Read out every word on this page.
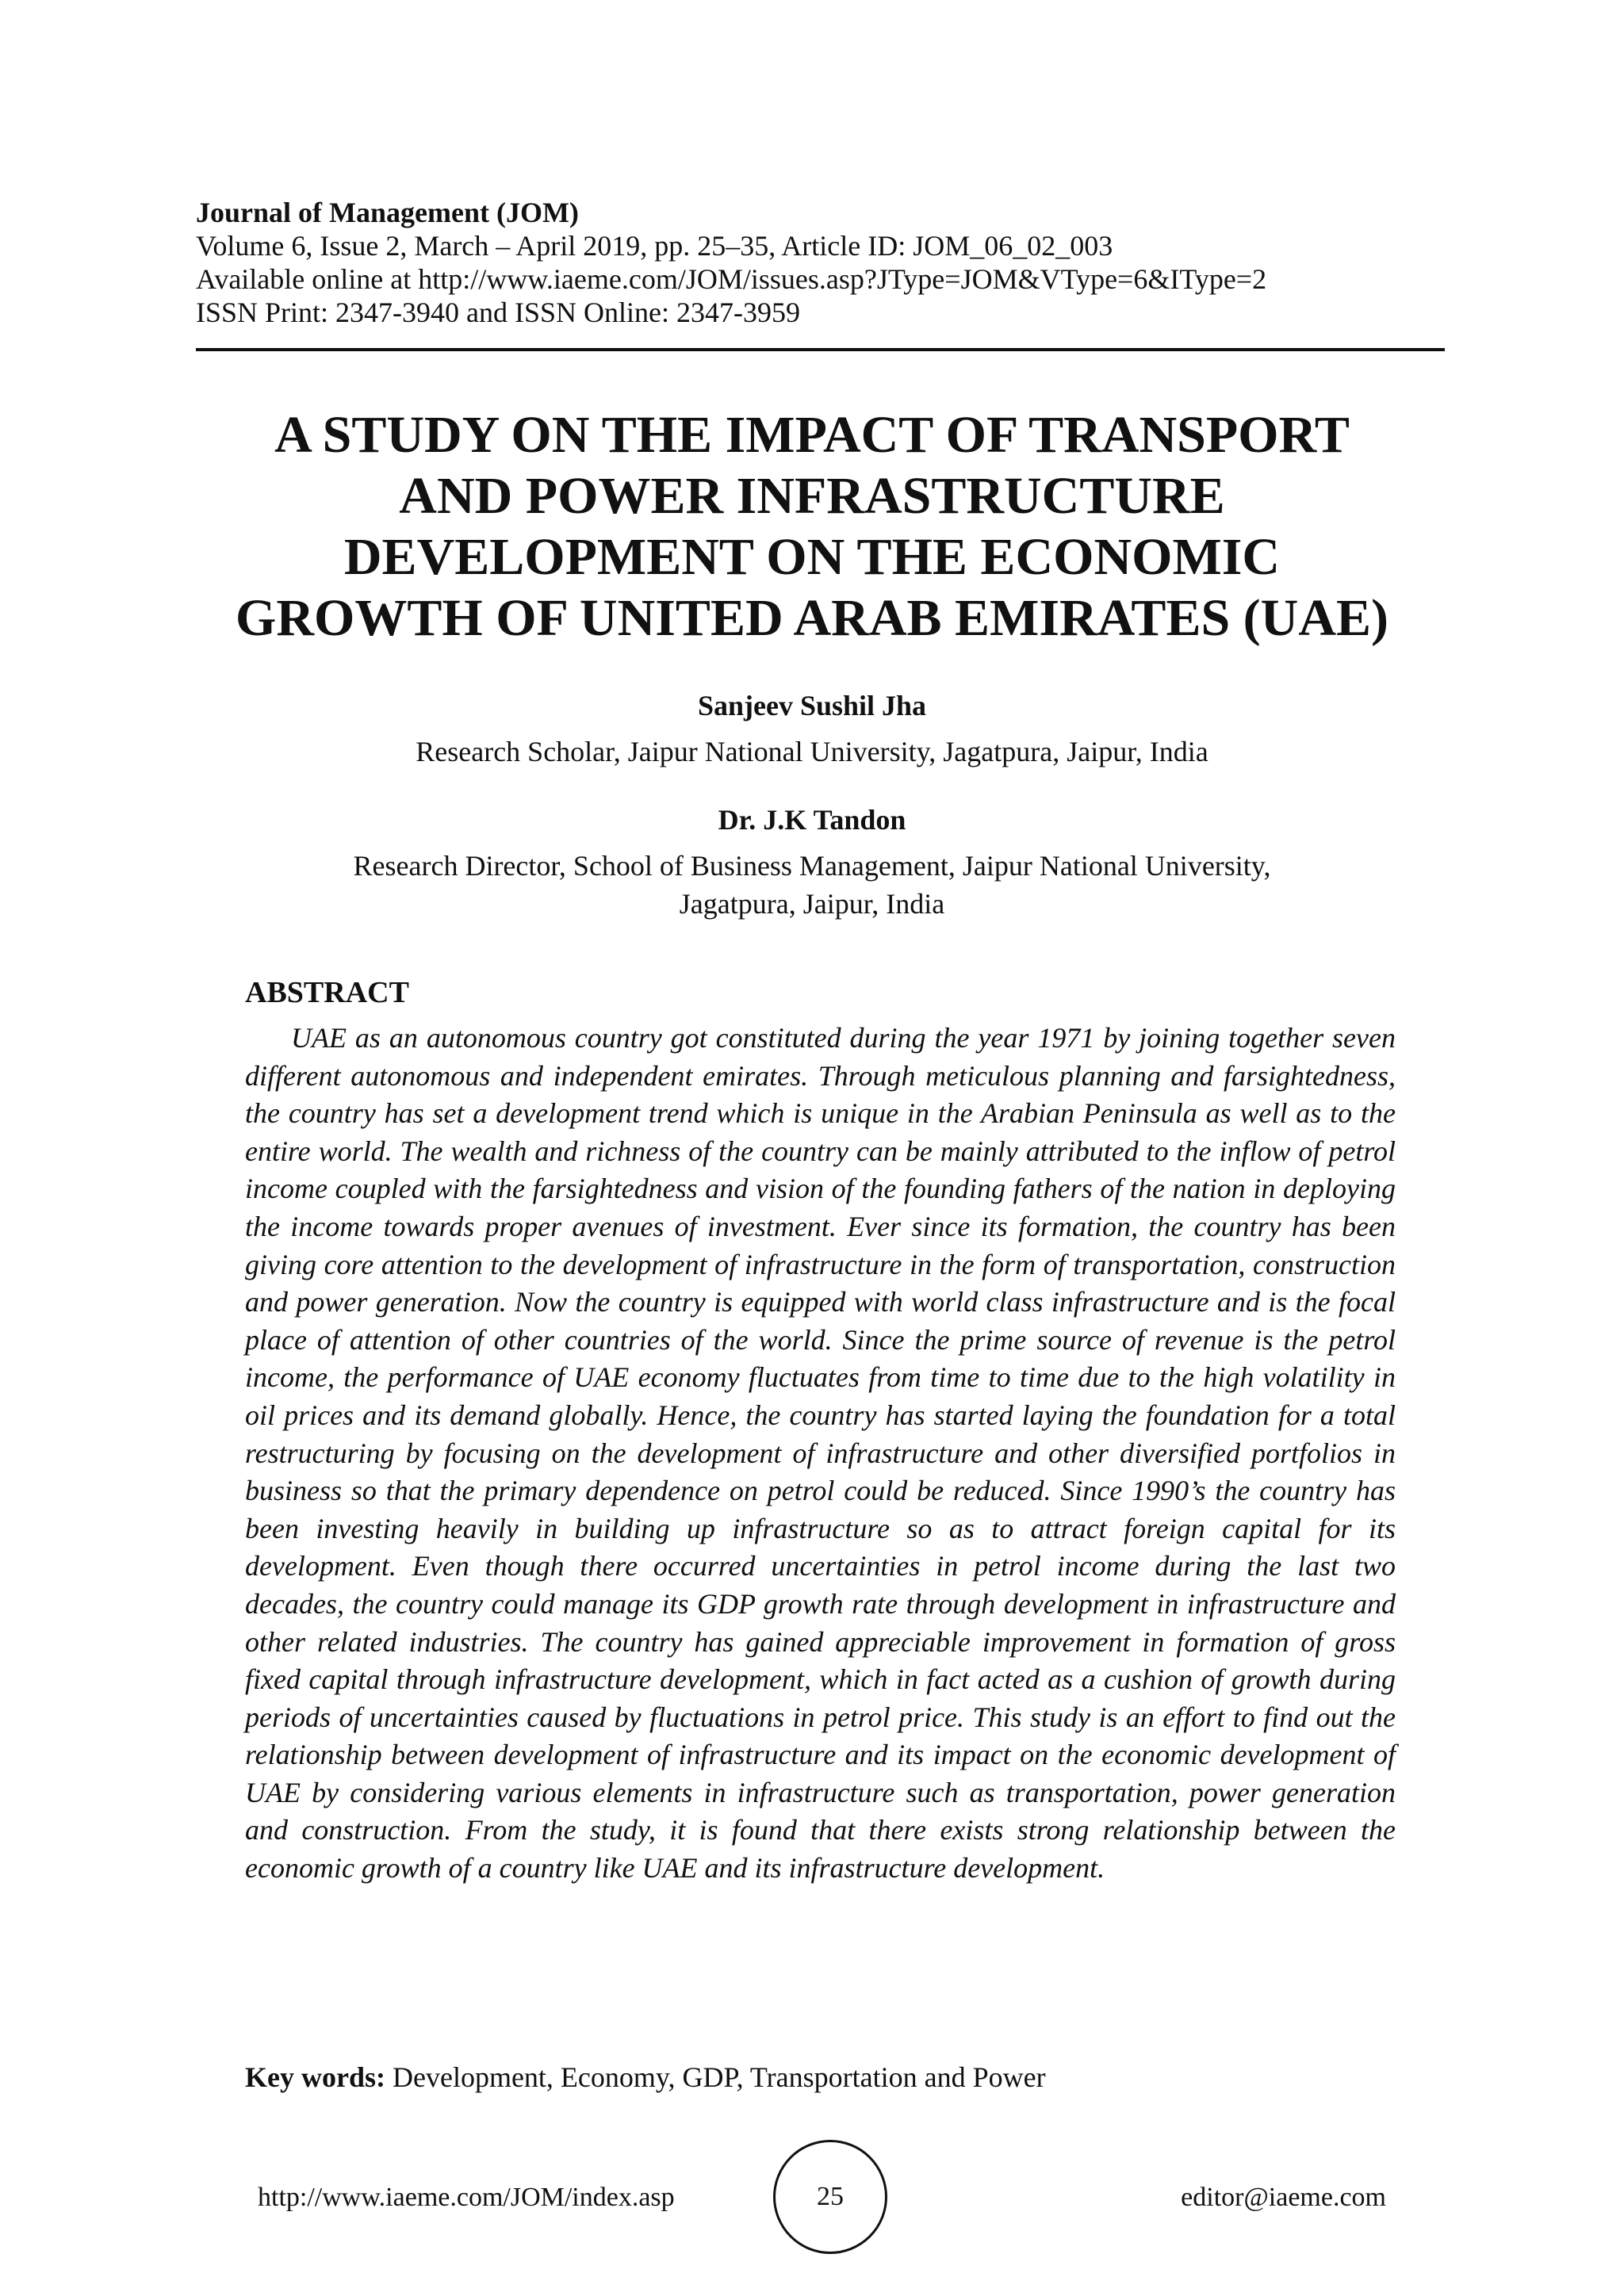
Journal of Management (JOM)
Volume 6, Issue 2, March – April 2019, pp. 25–35, Article ID: JOM_06_02_003
Available online at http://www.iaeme.com/JOM/issues.asp?JType=JOM&VType=6&IType=2
ISSN Print: 2347-3940 and ISSN Online: 2347-3959
A STUDY ON THE IMPACT OF TRANSPORT
AND POWER INFRASTRUCTURE
DEVELOPMENT ON THE ECONOMIC
GROWTH OF UNITED ARAB EMIRATES (UAE)
Sanjeev Sushil Jha
Research Scholar, Jaipur National University, Jagatpura, Jaipur, India
Dr. J.K Tandon
Research Director, School of Business Management, Jaipur National University,
Jagatpura, Jaipur, India
ABSTRACT
UAE as an autonomous country got constituted during the year 1971 by joining together seven different autonomous and independent emirates. Through meticulous planning and farsightedness, the country has set a development trend which is unique in the Arabian Peninsula as well as to the entire world. The wealth and richness of the country can be mainly attributed to the inflow of petrol income coupled with the farsightedness and vision of the founding fathers of the nation in deploying the income towards proper avenues of investment. Ever since its formation, the country has been giving core attention to the development of infrastructure in the form of transportation, construction and power generation. Now the country is equipped with world class infrastructure and is the focal place of attention of other countries of the world. Since the prime source of revenue is the petrol income, the performance of UAE economy fluctuates from time to time due to the high volatility in oil prices and its demand globally. Hence, the country has started laying the foundation for a total restructuring by focusing on the development of infrastructure and other diversified portfolios in business so that the primary dependence on petrol could be reduced. Since 1990’s the country has been investing heavily in building up infrastructure so as to attract foreign capital for its development. Even though there occurred uncertainties in petrol income during the last two decades, the country could manage its GDP growth rate through development in infrastructure and other related industries. The country has gained appreciable improvement in formation of gross fixed capital through infrastructure development, which in fact acted as a cushion of growth during periods of uncertainties caused by fluctuations in petrol price. This study is an effort to find out the relationship between development of infrastructure and its impact on the economic development of UAE by considering various elements in infrastructure such as transportation, power generation and construction. From the study, it is found that there exists strong relationship between the economic growth of a country like UAE and its infrastructure development.
Key words: Development, Economy, GDP, Transportation and Power
http://www.iaeme.com/JOM/index.asp	25	editor@iaeme.com
